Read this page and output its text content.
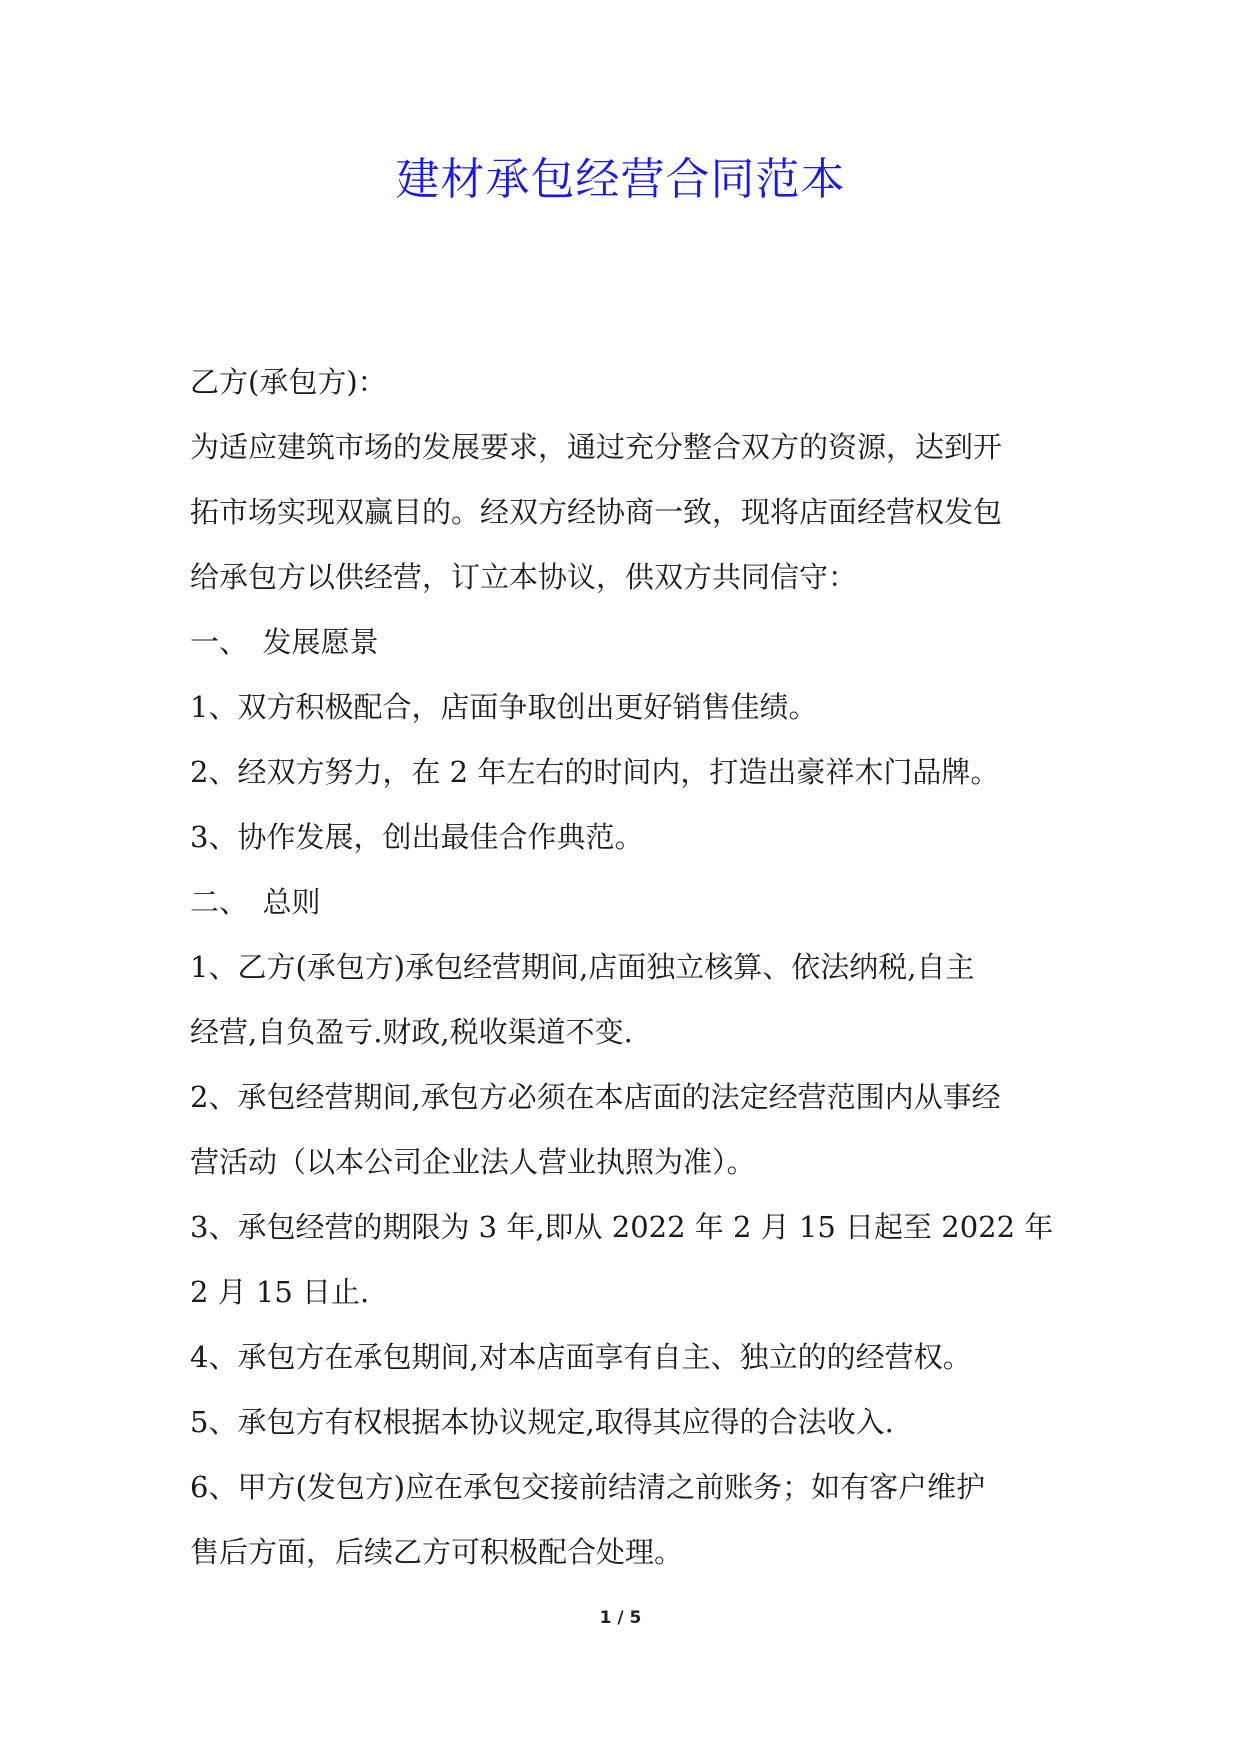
建材承包经营合同范本
乙方(承包方)：
为适应建筑市场的发展要求，通过充分整合双方的资源，达到开
拓市场实现双赢目的。经双方经协商一致，现将店面经营权发包
给承包方以供经营，订立本协议，供双方共同信守：
一、　发展愿景
1、双方积极配合，店面争取创出更好销售佳绩。
2、经双方努力，在 2 年左右的时间内，打造出豪祥木门品牌。
3、协作发展，创出最佳合作典范。
二、　总则
1、乙方(承包方)承包经营期间,店面独立核算、依法纳税,自主
经营,自负盈亏.财政,税收渠道不变.
2、承包经营期间,承包方必须在本店面的法定经营范围内从事经
营活动（以本公司企业法人营业执照为准）。
3、承包经营的期限为 3 年,即从 2022 年 2 月 15 日起至 2022 年
2 月 15 日止.
4、承包方在承包期间,对本店面享有自主、独立的的经营权。
5、承包方有权根据本协议规定,取得其应得的合法收入.
6、甲方(发包方)应在承包交接前结清之前账务；如有客户维护
售后方面，后续乙方可积极配合处理。
1 / 5
